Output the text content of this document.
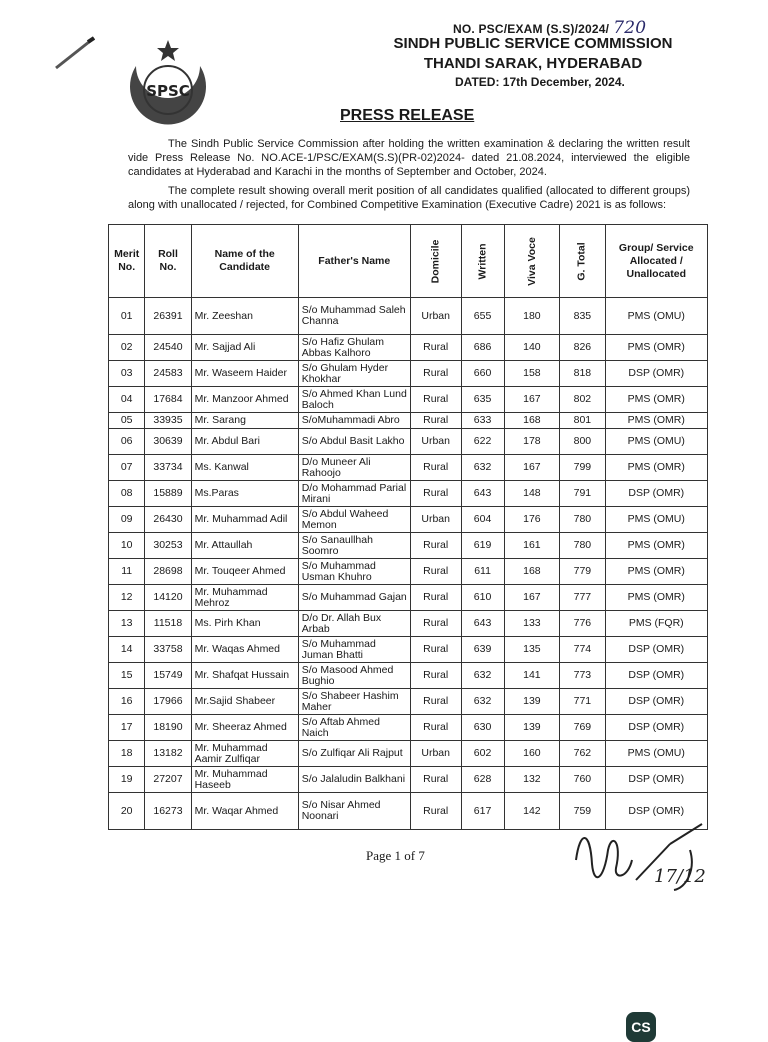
SPSC
NO. PSC/EXAM (S.S)/2024/ 720
SINDH PUBLIC SERVICE COMMISSION
THANDI SARAK, HYDERABAD
DATED: 17th December, 2024.
PRESS RELEASE
The Sindh Public Service Commission after holding the written examination & declaring the written result vide Press Release No. NO.ACE-1/PSC/EXAM(S.S)(PR-02)2024- dated 21.08.2024, interviewed the eligible candidates at Hyderabad and Karachi in the months of September and October, 2024.
The complete result showing overall merit position of all candidates qualified (allocated to different groups) along with unallocated / rejected, for Combined Competitive Examination (Executive Cadre) 2021 is as follows:
Merit No.	Roll No.	Name of the Candidate	Father's Name	Domicile	Written	Viva Voce	G. Total	Group/ Service Allocated / Unallocated
01	26391	Mr. Zeeshan	S/o Muhammad Saleh Channa	Urban	655	180	835	PMS (OMU)
02	24540	Mr. Sajjad Ali	S/o Hafiz Ghulam Abbas Kalhoro	Rural	686	140	826	PMS (OMR)
03	24583	Mr. Waseem Haider	S/o Ghulam Hyder Khokhar	Rural	660	158	818	DSP (OMR)
04	17684	Mr. Manzoor Ahmed	S/o Ahmed Khan Lund Baloch	Rural	635	167	802	PMS (OMR)
05	33935	Mr. Sarang	S/oMuhammadi Abro	Rural	633	168	801	PMS (OMR)
06	30639	Mr. Abdul Bari	S/o Abdul Basit Lakho	Urban	622	178	800	PMS (OMU)
07	33734	Ms. Kanwal	D/o Muneer Ali Rahoojo	Rural	632	167	799	PMS (OMR)
08	15889	Ms.Paras	D/o Mohammad Parial Mirani	Rural	643	148	791	DSP (OMR)
09	26430	Mr. Muhammad Adil	S/o Abdul Waheed Memon	Urban	604	176	780	PMS (OMU)
10	30253	Mr. Attaullah	S/o Sanaullhah Soomro	Rural	619	161	780	PMS (OMR)
11	28698	Mr. Touqeer Ahmed	S/o Muhammad Usman Khuhro	Rural	611	168	779	PMS (OMR)
12	14120	Mr. Muhammad Mehroz	S/o Muhammad Gajan	Rural	610	167	777	PMS (OMR)
13	11518	Ms. Pirh Khan	D/o Dr. Allah Bux Arbab	Rural	643	133	776	PMS (FQR)
14	33758	Mr. Waqas Ahmed	S/o Muhammad Juman Bhatti	Rural	639	135	774	DSP (OMR)
15	15749	Mr. Shafqat Hussain	S/o Masood Ahmed Bughio	Rural	632	141	773	DSP (OMR)
16	17966	Mr.Sajid Shabeer	S/o Shabeer Hashim Maher	Rural	632	139	771	DSP (OMR)
17	18190	Mr. Sheeraz Ahmed	S/o Aftab Ahmed Naich	Rural	630	139	769	DSP (OMR)
18	13182	Mr. Muhammad Aamir Zulfiqar	S/o Zulfiqar Ali Rajput	Urban	602	160	762	PMS (OMU)
19	27207	Mr. Muhammad Haseeb	S/o Jalaludin Balkhani	Rural	628	132	760	DSP (OMR)
20	16273	Mr. Waqar Ahmed	S/o Nisar Ahmed Noonari	Rural	617	142	759	DSP (OMR)
Page 1 of 7
17/12
CS
